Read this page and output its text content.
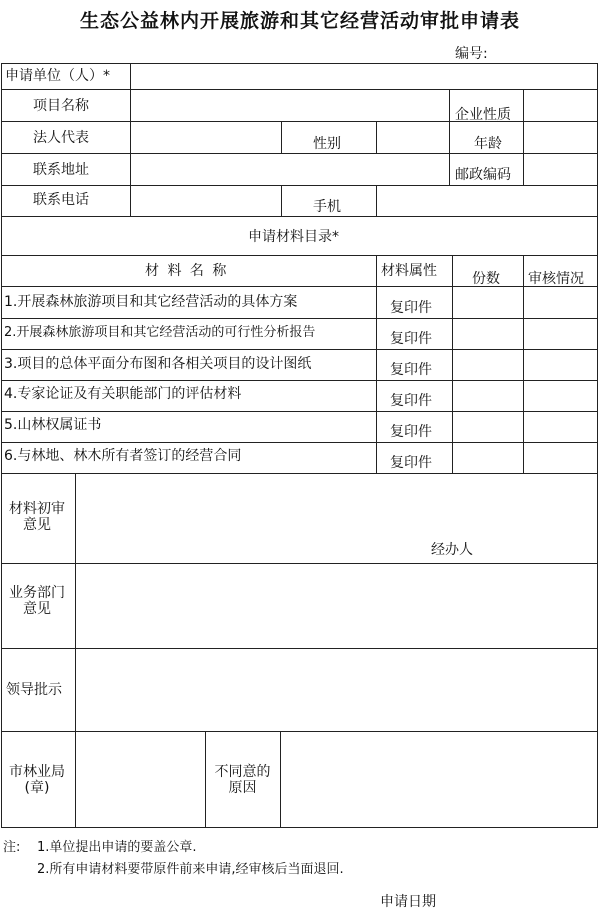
生态公益林内开展旅游和其它经营活动审批申请表
编号:
申请单位（人）*
项目名称
企业性质
法人代表	性别	年龄
联系地址	邮政编码
联系电话	手机
申请材料目录*
材 料 名 称	材料属性	份数 审核情况
1.开展森林旅游项目和其它经营活动的具体方案	复印件
2.开展森林旅游项目和其它经营活动的可行性分析报告	复印件
3.项目的总体平面分布图和各相关项目的设计图纸	复印件
4.专家论证及有关职能部门的评估材料	复印件
5.山林权属证书	复印件
6.与林地、林木所有者签订的经营合同	复印件
材料初审意见
经办人
业务部门意见
领导批示
市林业局(章)
不同意的原因
注: 1.单位提出申请的要盖公章.
2.所有申请材料要带原件前来申请,经审核后当面退回.
申请日期
